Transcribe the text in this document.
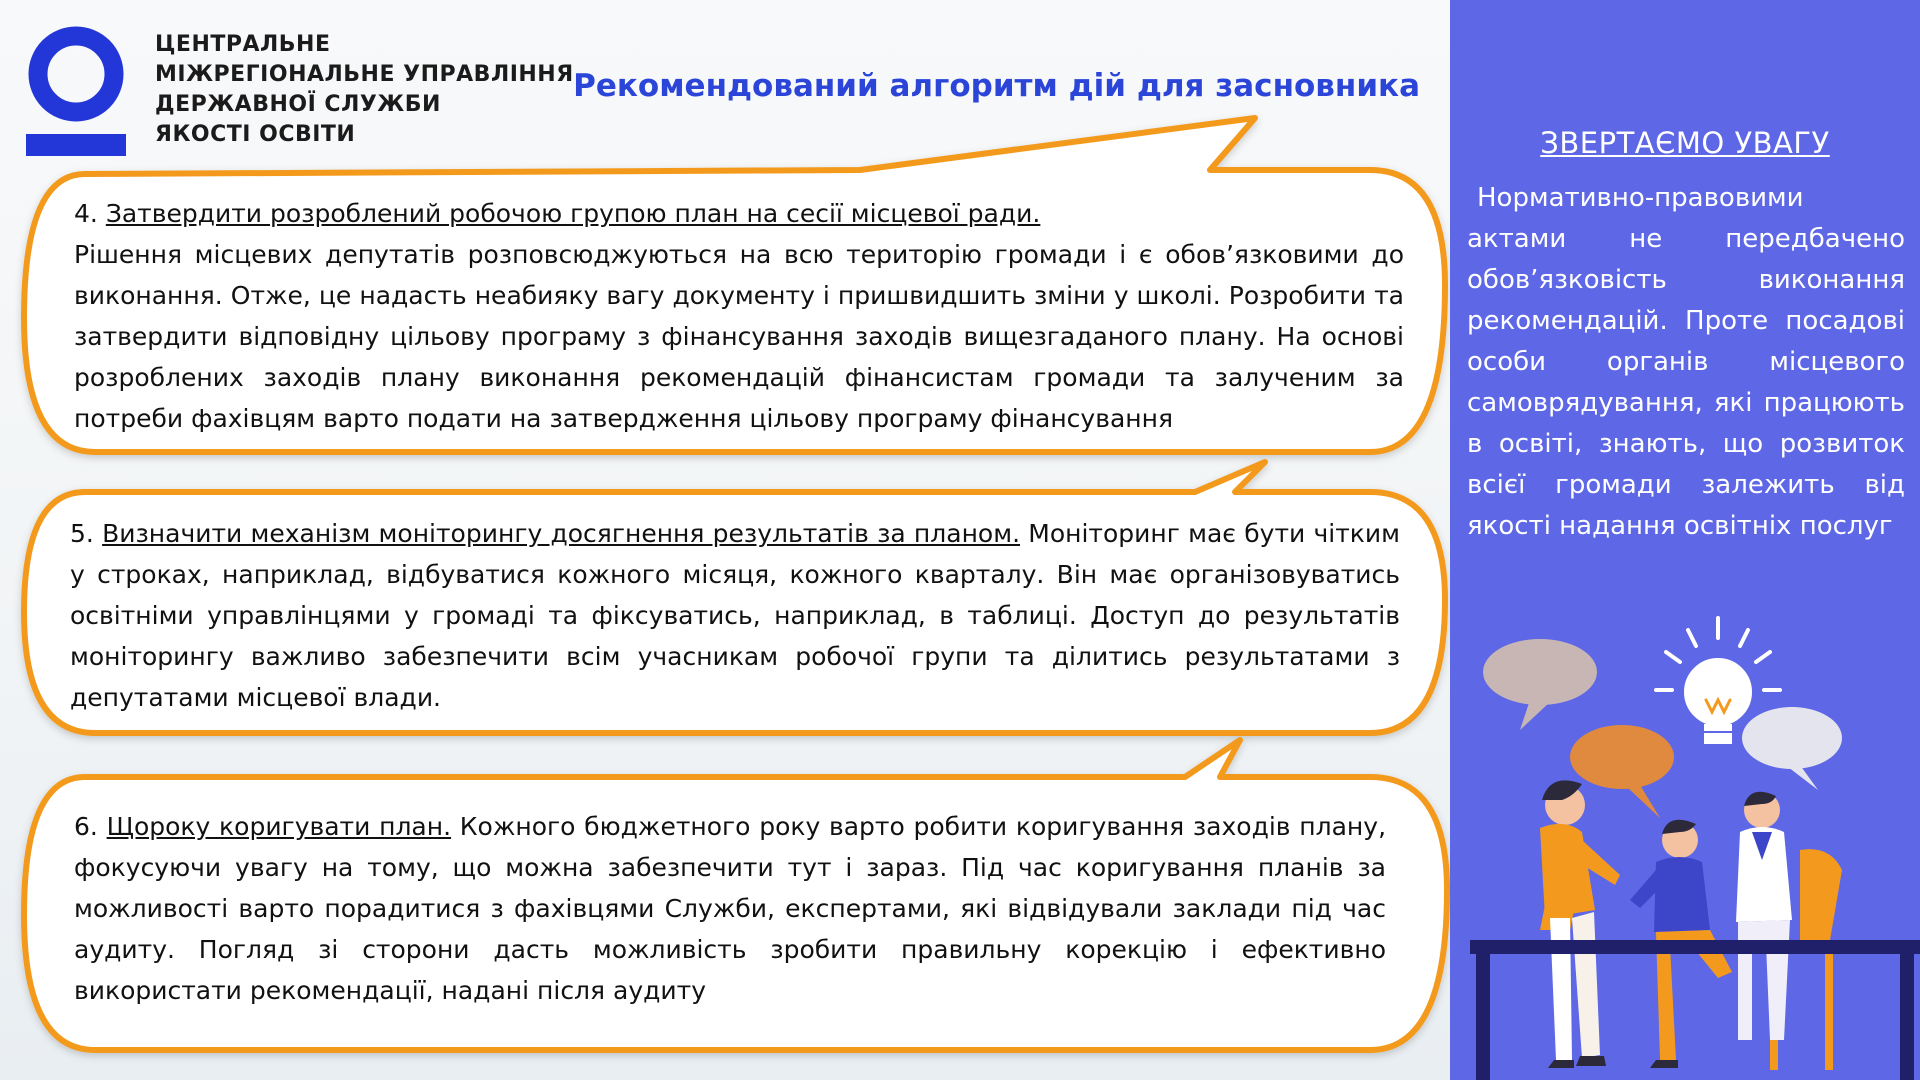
ЦЕНТРАЛЬНЕ
МІЖРЕГІОНАЛЬНЕ УПРАВЛІННЯ
ДЕРЖАВНОЇ СЛУЖБИ
ЯКОСТІ ОСВІТИ
Рекомендований алгоритм дій для засновника
4. Затвердити розроблений робочою групою план на сесії місцевої ради.
Рішення місцевих депутатів розповсюджуються на всю територію громади і є обов’язковими до виконання. Отже, це надасть неабияку вагу документу і пришвидшить зміни у школі. Розробити та затвердити відповідну цільову програму з фінансування заходів вищезгаданого плану. На основі розроблених заходів плану виконання рекомендацій фінансистам громади та залученим за потреби фахівцям варто подати на затвердження цільову програму фінансування
5. Визначити механізм моніторингу досягнення результатів за планом. Моніторинг має бути чітким у строках, наприклад, відбуватися кожного місяця, кожного кварталу. Він має організовуватись освітніми управлінцями у громаді та фіксуватись, наприклад, в таблиці. Доступ до результатів моніторингу важливо забезпечити всім учасникам робочої групи та ділитись результатами з депутатами місцевої влади.
6. Щороку коригувати план. Кожного бюджетного року варто робити коригування заходів плану, фокусуючи увагу на тому, що можна забезпечити тут і зараз. Під час коригування планів за можливості варто порадитися з фахівцями Служби, експертами, які відвідували заклади під час аудиту. Погляд зі сторони дасть можливість зробити правильну корекцію і ефективно використати рекомендації, надані після аудиту
ЗВЕРТАЄМО УВАГУ
Нормативно-правовими актами не передбачено обов’язковість виконання рекомендацій. Проте посадові особи органів місцевого самоврядування, які працюють в освіті, знають, що розвиток всієї громади залежить від якості надання освітніх послуг
